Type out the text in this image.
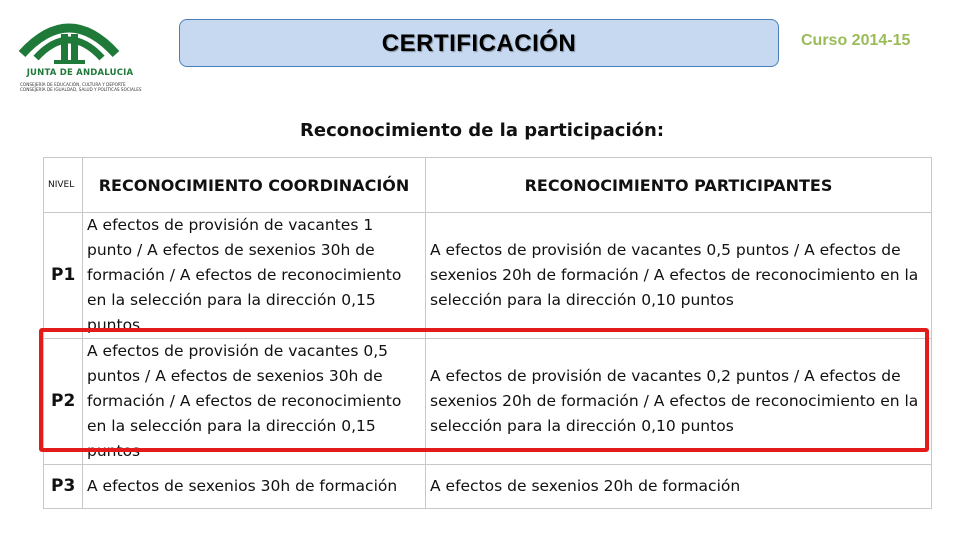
JUNTA DE ANDALUCIA
CONSEJERÍA DE EDUCACIÓN, CULTURA Y DEPORTE
CONSEJERÍA DE IGUALDAD, SALUD Y POLÍTICAS SOCIALES
CERTIFICACIÓN	Curso 2014-15
Reconocimiento de la participación:
NIVEL	RECONOCIMIENTO COORDINACIÓN	RECONOCIMIENTO PARTICIPANTES
P1	A efectos de provisión de vacantes 1 punto / A efectos de sexenios 30h de formación / A efectos de reconocimiento en la selección para la dirección 0,15 puntos	A efectos de provisión de vacantes 0,5 puntos / A efectos de sexenios 20h de formación / A efectos de reconocimiento en la selección para la dirección 0,10 puntos
P2	A efectos de provisión de vacantes 0,5 puntos / A efectos de sexenios 30h de formación / A efectos de reconocimiento en la selección para la dirección 0,15 puntos	A efectos de provisión de vacantes 0,2 puntos / A efectos de sexenios 20h de formación / A efectos de reconocimiento en la selección para la dirección 0,10 puntos
P3	A efectos de sexenios 30h de formación	A efectos de sexenios 20h de formación
